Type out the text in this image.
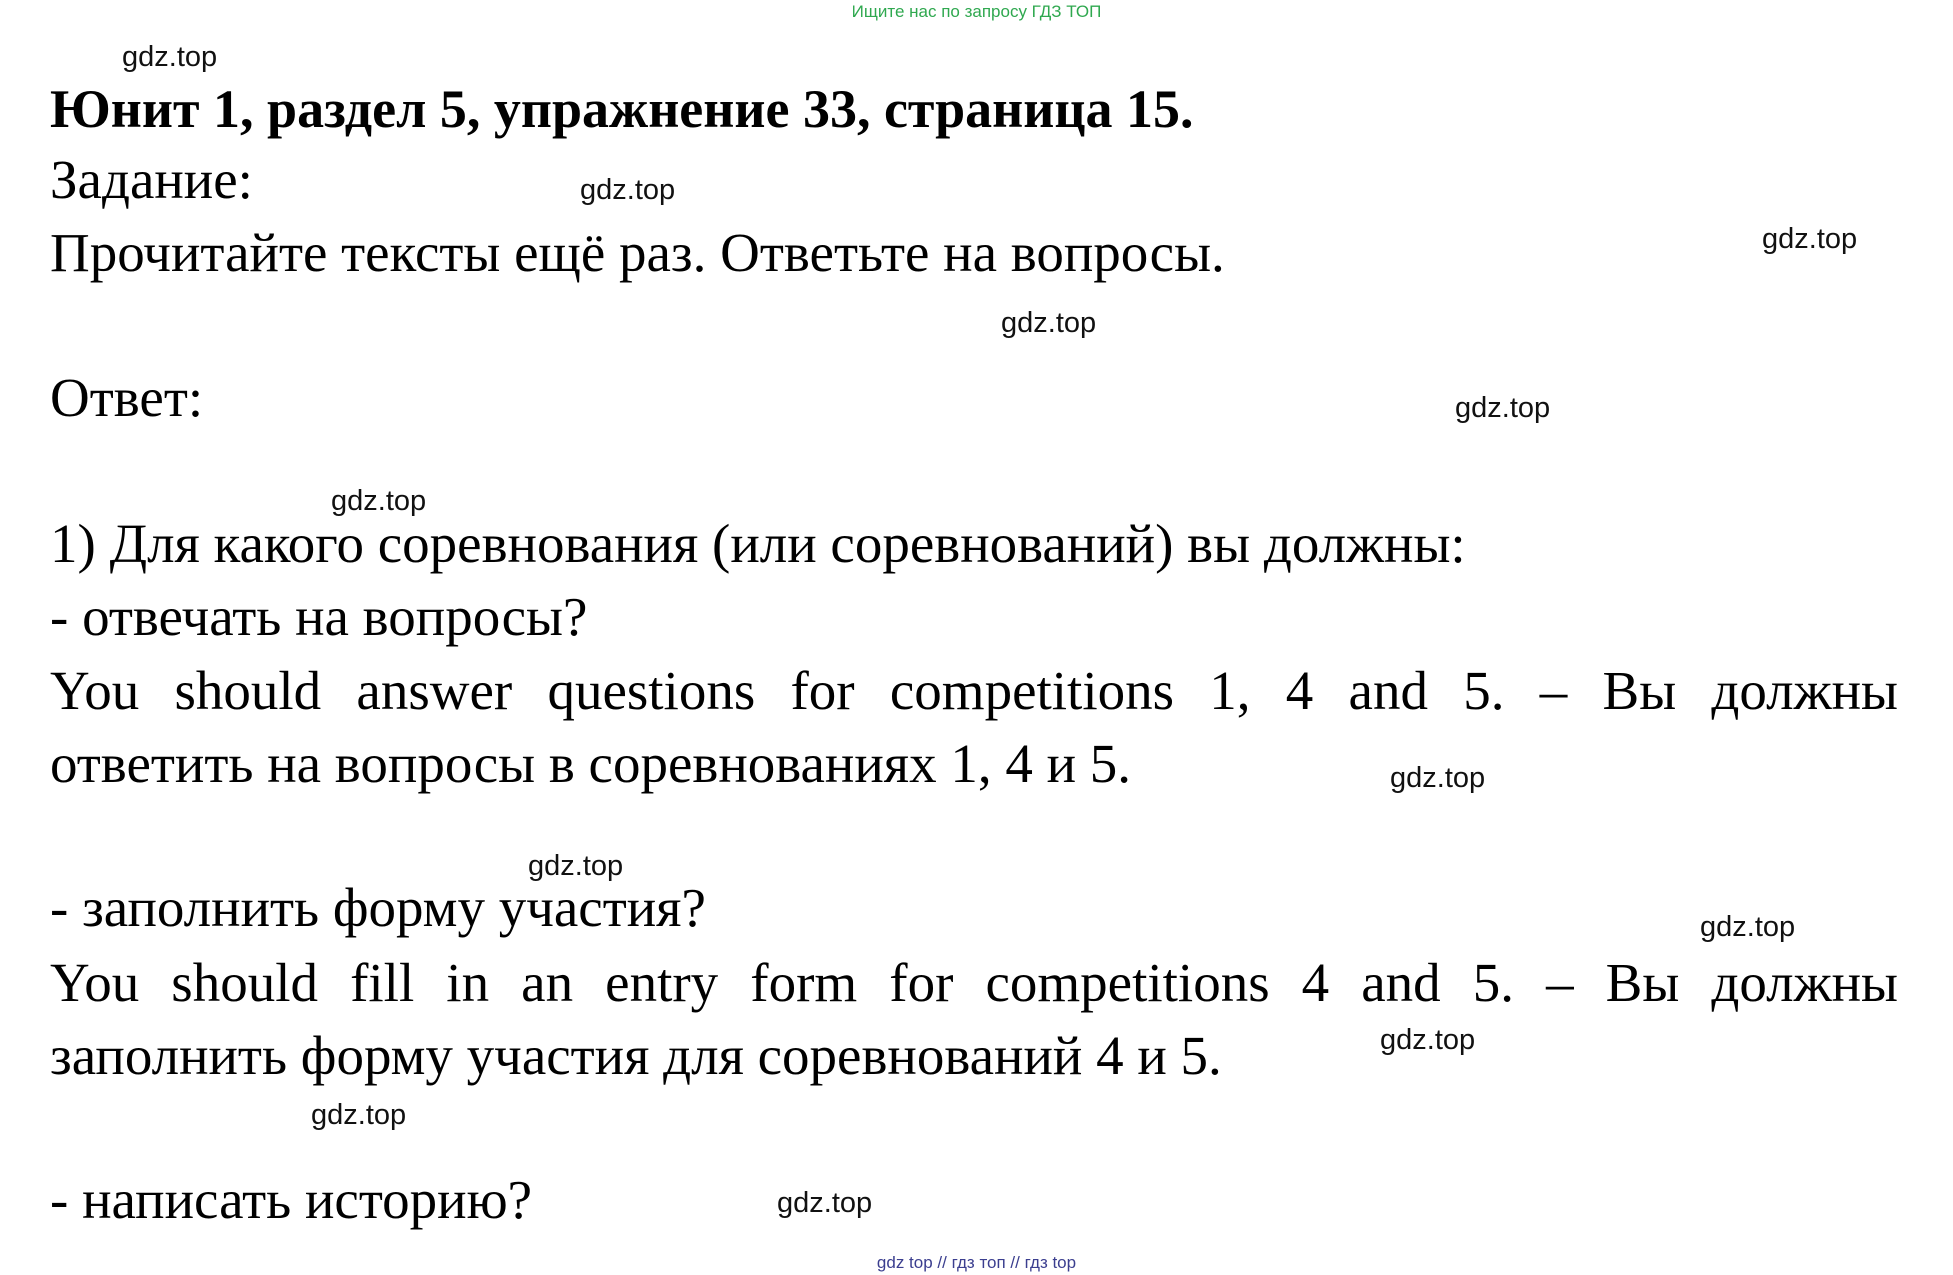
Ищите нас по запросу ГДЗ ТОП
Юнит 1, раздел 5, упражнение 33, страница 15.
Задание:
Прочитайте тексты ещё раз. Ответьте на вопросы.
Ответ:
1) Для какого соревнования (или соревнований) вы должны:
- отвечать на вопросы?
You should answer questions for competitions 1, 4 and 5. – Вы должны
ответить на вопросы в соревнованиях 1, 4 и 5.
- заполнить форму участия?
You should fill in an entry form for competitions 4 and 5. – Вы должны
заполнить форму участия для соревнований 4 и 5.
- написать историю?
gdz.top
gdz.top
gdz.top
gdz.top
gdz.top
gdz.top
gdz.top
gdz.top
gdz.top
gdz.top
gdz.top
gdz.top
gdz top // гдз топ // гдз top
